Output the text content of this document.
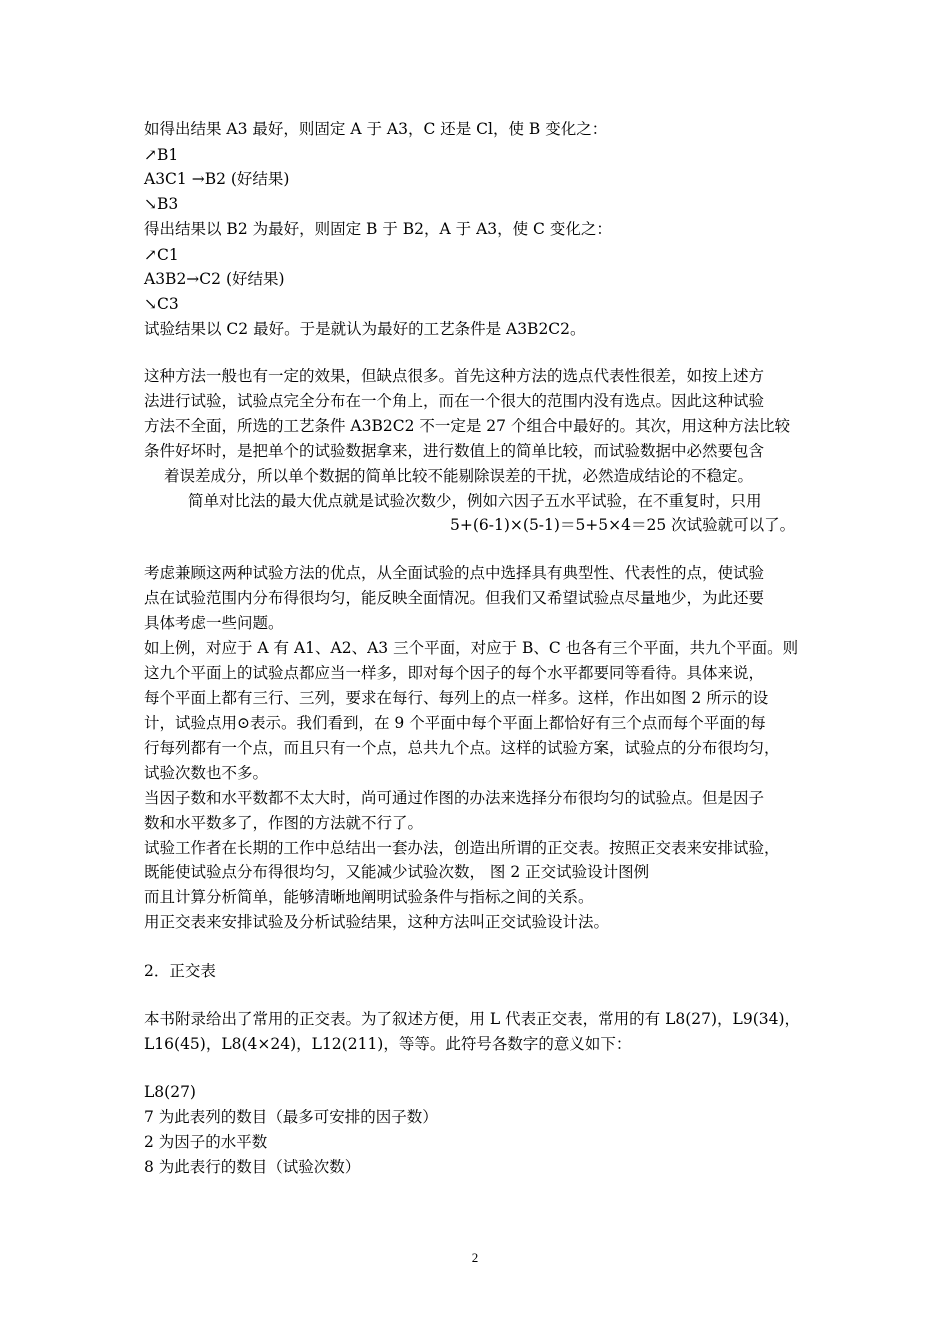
如得出结果 A3 最好，则固定 A 于 A3，C 还是 Cl，使 B 变化之：
↗B1
A3C1 →B2 (好结果)
↘B3
得出结果以 B2 为最好，则固定 B 于 B2，A 于 A3，使 C 变化之：
↗C1
A3B2→C2 (好结果)
↘C3
试验结果以 C2 最好。于是就认为最好的工艺条件是 A3B2C2。
这种方法一般也有一定的效果，但缺点很多。首先这种方法的选点代表性很差，如按上述方
法进行试验，试验点完全分布在一个角上，而在一个很大的范围内没有选点。因此这种试验
方法不全面，所选的工艺条件 A3B2C2 不一定是 27 个组合中最好的。其次，用这种方法比较
条件好坏时，是把单个的试验数据拿来，进行数值上的简单比较，而试验数据中必然要包含
着误差成分，所以单个数据的简单比较不能剔除误差的干扰，必然造成结论的不稳定。
简单对比法的最大优点就是试验次数少，例如六因子五水平试验，在不重复时，只用
5+(6-1)×(5-1)＝5+5×4＝25 次试验就可以了。
考虑兼顾这两种试验方法的优点，从全面试验的点中选择具有典型性、代表性的点，使试验
点在试验范围内分布得很均匀，能反映全面情况。但我们又希望试验点尽量地少，为此还要
具体考虑一些问题。
如上例，对应于 A 有 A1、A2、A3 三个平面，对应于 B、C 也各有三个平面，共九个平面。则
这九个平面上的试验点都应当一样多，即对每个因子的每个水平都要同等看待。具体来说，
每个平面上都有三行、三列，要求在每行、每列上的点一样多。这样，作出如图 2 所示的设
计，试验点用⊙表示。我们看到，在 9 个平面中每个平面上都恰好有三个点而每个平面的每
行每列都有一个点，而且只有一个点，总共九个点。这样的试验方案，试验点的分布很均匀，
试验次数也不多。
当因子数和水平数都不太大时，尚可通过作图的办法来选择分布很均匀的试验点。但是因子
数和水平数多了，作图的方法就不行了。
试验工作者在长期的工作中总结出一套办法，创造出所谓的正交表。按照正交表来安排试验，
既能使试验点分布得很均匀，又能减少试验次数， 图 2 正交试验设计图例
而且计算分析简单，能够清晰地阐明试验条件与指标之间的关系。
用正交表来安排试验及分析试验结果，这种方法叫正交试验设计法。
2．正交表
本书附录给出了常用的正交表。为了叙述方便，用 L 代表正交表，常用的有 L8(27)，L9(34)，
L16(45)，L8(4×24)，L12(211)，等等。此符号各数字的意义如下：
L8(27)
7 为此表列的数目（最多可安排的因子数）
2 为因子的水平数
8 为此表行的数目（试验次数）
2
